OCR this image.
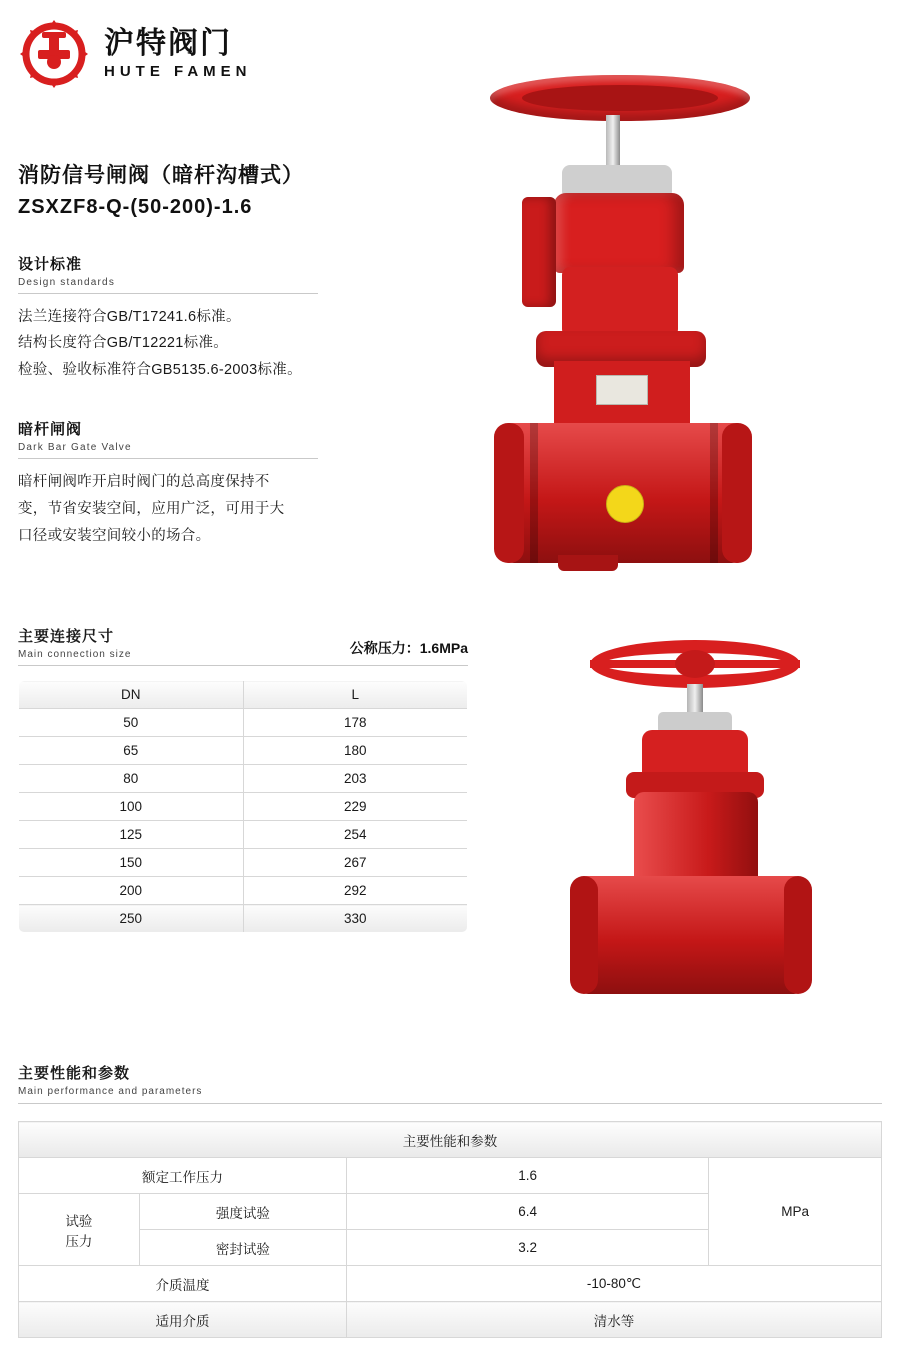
沪特阀门
HUTE FAMEN
消防信号闸阀（暗杆沟槽式）
ZSXZF8-Q-(50-200)-1.6
设计标准
Design standards

法兰连接符合GB/T17241.6标准。

结构长度符合GB/T12221标准。

检验、验收标准符合GB5135.6-2003标准。

暗杆闸阀
Dark Bar Gate Valve

暗杆闸阀咋开启时阀门的总高度保持不

变，节省安装空间，应用广泛，可用于大

口径或安装空间较小的场合。

主要连接尺寸
Main connection size	公称压力：1.6MPa
DN	L
50	178
65	180
80	203
100	229
125	254
150	267
200	292
250	330
主要性能和参数
Main performance and parameters
主要性能和参数			
额定工作压力		1.6	MPa

试验
压力	强度试验	6.4	
	密封试验	3.2	
介质温度		-10-80℃	
适用介质		清水等	
